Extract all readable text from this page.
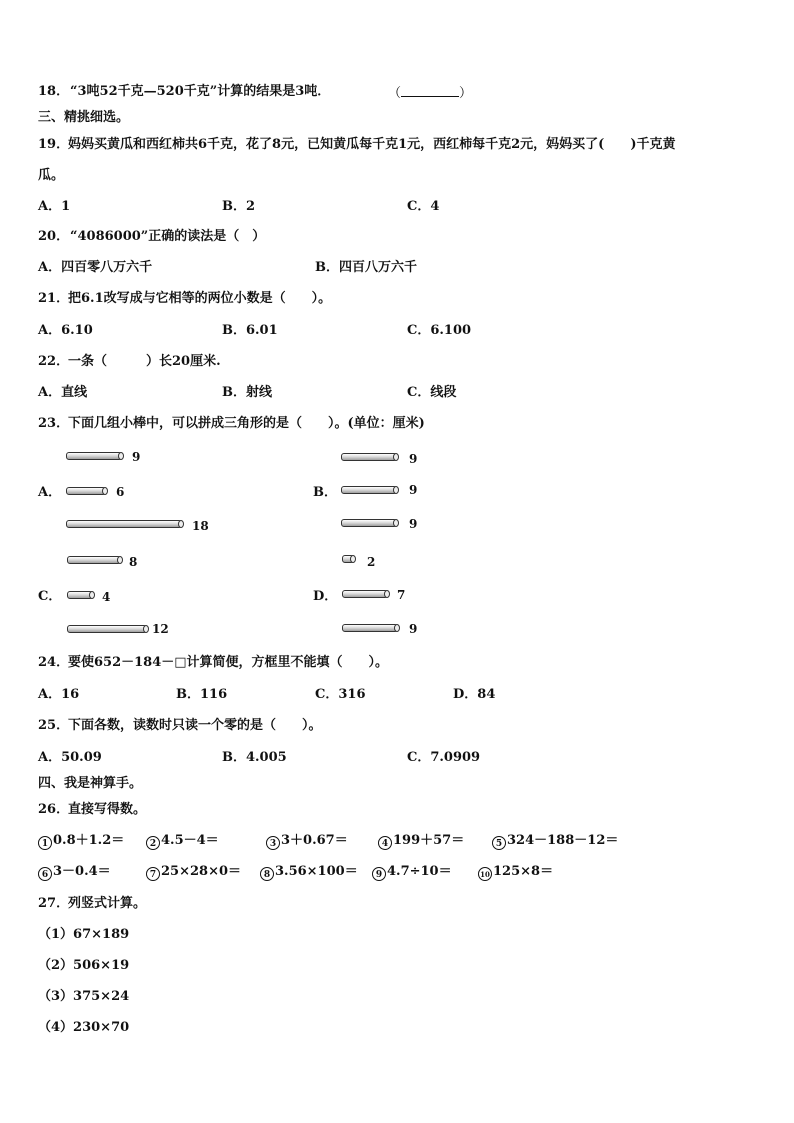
18． “3吨52千克—520千克”计算的结果是3吨．	（	）
三、精挑细选。
19．
妈妈买黄瓜和西红柿共6千克，花了8元，已知黄瓜每千克1元，西红柿每千克2元，妈妈买了(　　)千克黄
瓜。
A．1	B．2	C．4
20． “4086000”正确的读法是（　）
A．四百零八万六千	B．四百八万六千
21．
把6.1改写成与它相等的两位小数是（　　）。
A．6.10	B．6.01	C．6.100
22．
一条（　　　）长20厘米.
A．直线	B．射线	C．线段
23．
下面几组小棒中，可以拼成三角形的是（　　）。(单位：厘米)
9
A．	6
18
9
B．	9
9
8
C．	4
12
2
D．	7
9
24．
要使652－184－□计算简便，方框里不能填（　　）。
A．16	B．116	C．316	D．84
25．
下面各数，读数时只读一个零的是（　　）。
A．50.09	B．4.005	C．7.0909
四、我是神算手。
26．
直接写得数。
1 0.8＋1.2＝	2 4.5－4＝	3 3＋0.67＝	4 199＋57＝	5 324－188－12＝
6 3－0.4＝	7 25×28×0＝	8 3.56×100＝	9 4.7÷10＝	10 125×8＝
27．
列竖式计算。
（1）67×189
（2）506×19
（3）375×24
（4）230×70
